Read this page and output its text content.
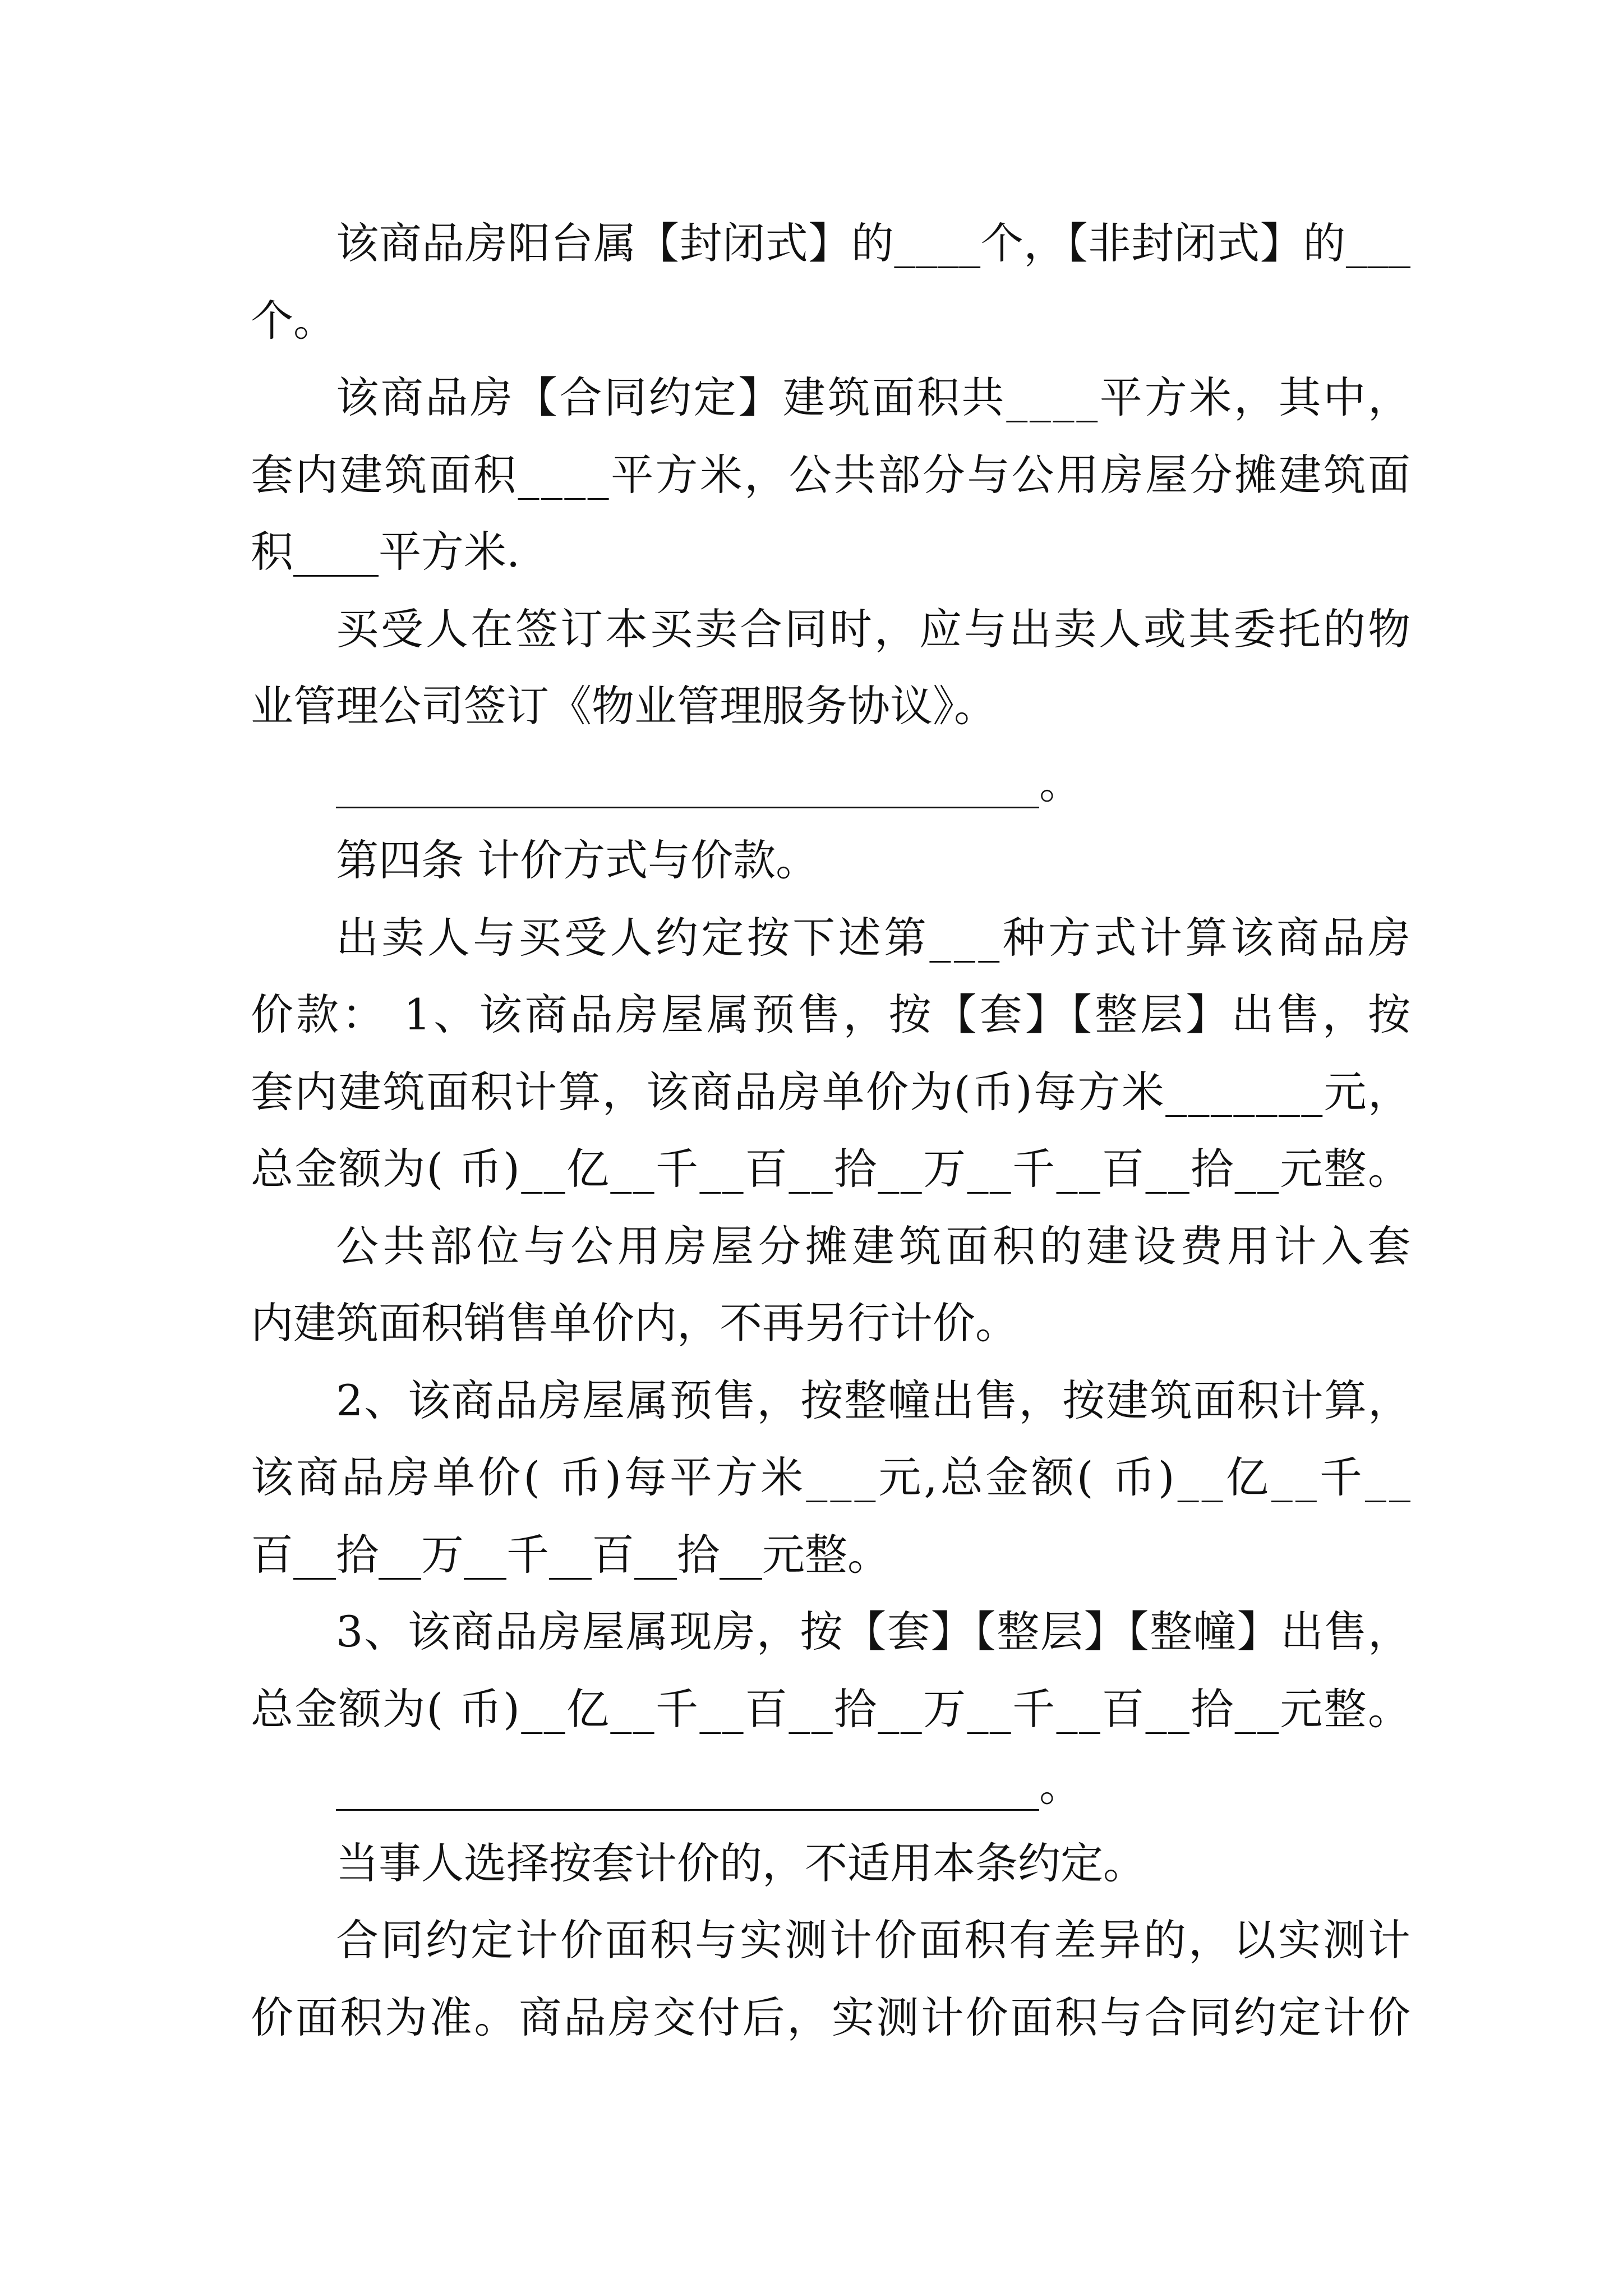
该商品房阳台属【封闭式】的____个，【非封闭式】的___
个。
该商品房【合同约定】建筑面积共____平方米，其中，
套内建筑面积____平方米，公共部分与公用房屋分摊建筑面
积____平方米.
买受人在签订本买卖合同时，应与出卖人或其委托的物
业管理公司签订《物业管理服务协议》。
_________________________________。
第四条 计价方式与价款。
出卖人与买受人约定按下述第___种方式计算该商品房
价款： 1、该商品房屋属预售，按【套】【整层】出售，按
套内建筑面积计算，该商品房单价为(币)每方米_______元，
总金额为( 币)__亿__千__百__拾__万__千__百__拾__元整。
公共部位与公用房屋分摊建筑面积的建设费用计入套
内建筑面积销售单价内，不再另行计价。
2、该商品房屋属预售，按整幢出售，按建筑面积计算，
该商品房单价( 币)每平方米___元,总金额( 币)__亿__千__
百__拾__万__千__百__拾__元整。
3、该商品房屋属现房，按【套】【整层】【整幢】出售，
总金额为( 币)__亿__千__百__拾__万__千__百__拾__元整。
_________________________________。
当事人选择按套计价的，不适用本条约定。
合同约定计价面积与实测计价面积有差异的，以实测计
价面积为准。商品房交付后，实测计价面积与合同约定计价
